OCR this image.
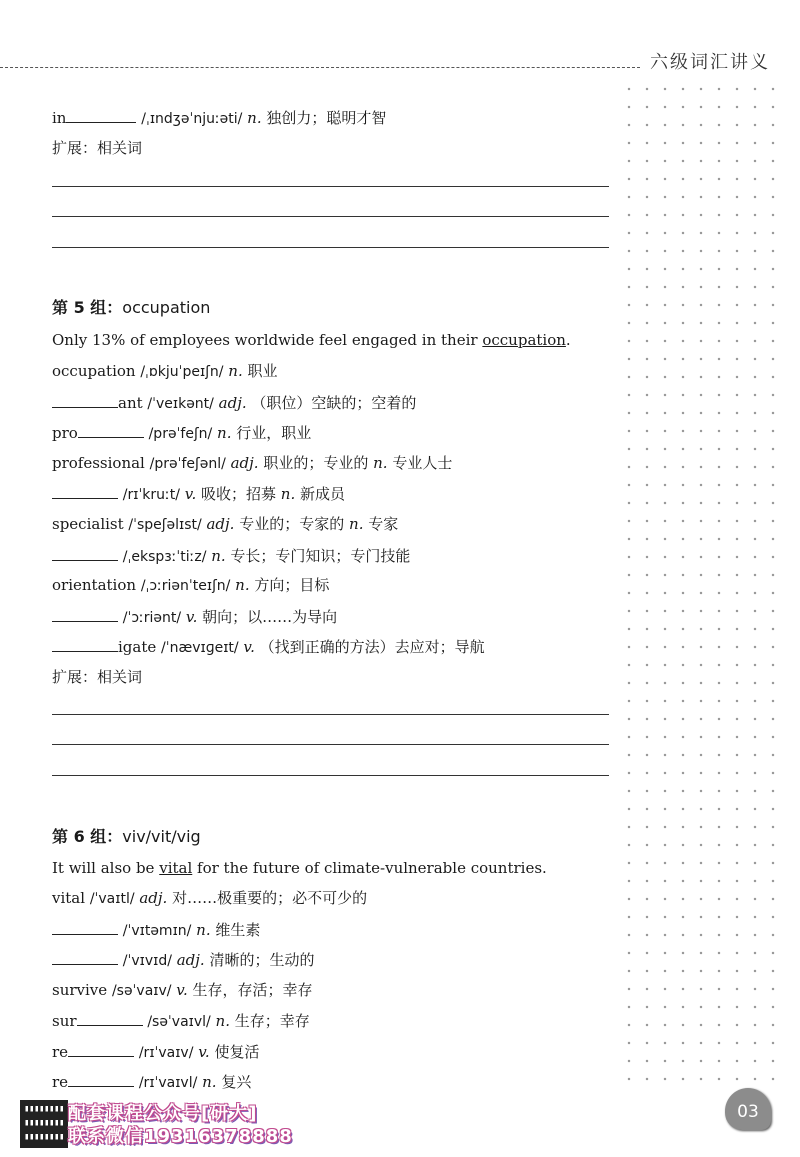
六级词汇讲义
in	/ˌɪndʒəˈnjuːəti/ n. 独创力；聪明才智
扩展：相关词
第 5 组：occupation
Only 13% of employees worldwide feel engaged in their occupation.
occupation /ˌɒkjuˈpeɪʃn/ n. 职业
ant /ˈveɪkənt/ adj. （职位）空缺的；空着的
pro	/prəˈfeʃn/ n. 行业，职业
professional /prəˈfeʃənl/ adj. 职业的；专业的 n. 专业人士
/rɪˈkruːt/ v. 吸收；招募 n. 新成员
specialist /ˈspeʃəlɪst/ adj. 专业的；专家的 n. 专家
/ˌekspɜːˈtiːz/ n. 专长；专门知识；专门技能
orientation /ˌɔːriənˈteɪʃn/ n. 方向；目标
/ˈɔːriənt/ v. 朝向；以……为导向
igate /ˈnævɪɡeɪt/ v. （找到正确的方法）去应对；导航
扩展：相关词
第 6 组：viv/vit/vig
It will also be vital for the future of climate-vulnerable countries.
vital /ˈvaɪtl/ adj. 对……极重要的；必不可少的
/ˈvɪtəmɪn/ n. 维生素
/ˈvɪvɪd/ adj. 清晰的；生动的
survive /səˈvaɪv/ v. 生存，存活；幸存
sur	/səˈvaɪvl/ n. 生存；幸存
re	/rɪˈvaɪv/ v. 使复活
re	/rɪˈvaɪvl/ n. 复兴
配套课程公众号[研大]
联系微信19316378888
03
